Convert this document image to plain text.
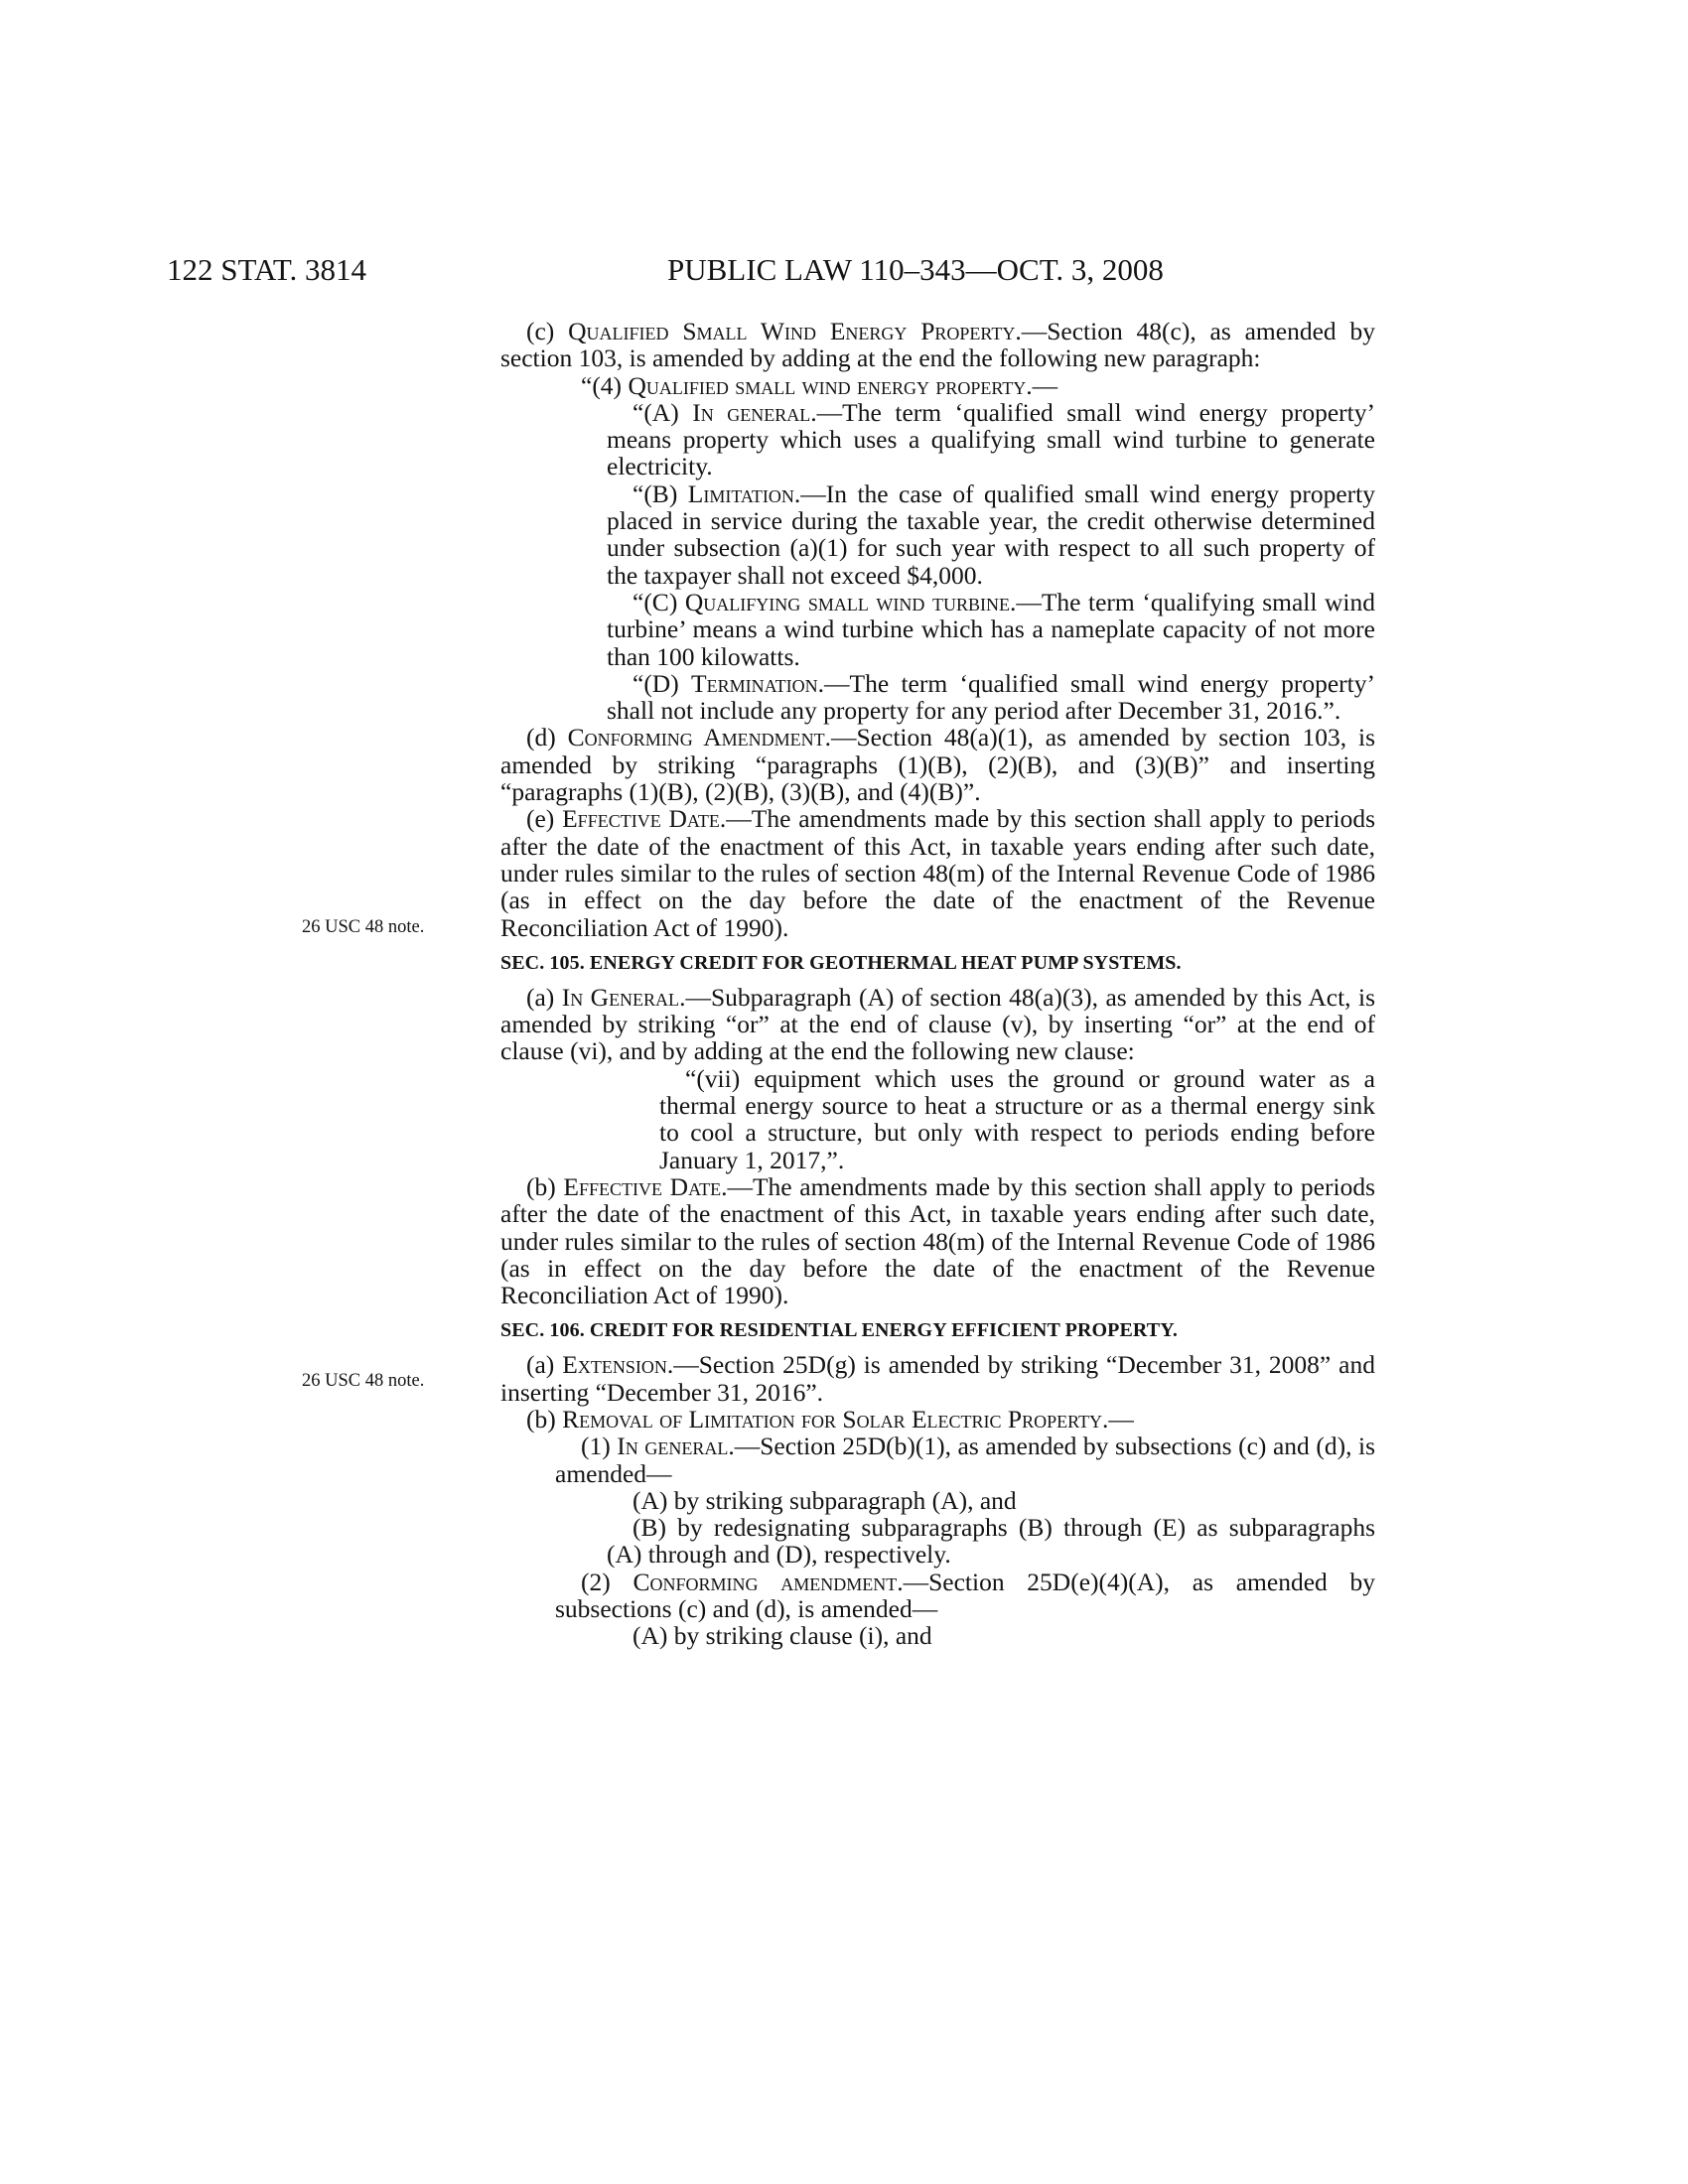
122 STAT. 3814	PUBLIC LAW 110–343—OCT. 3, 2008
26 USC 48 note.
26 USC 48 note.

(c) Qualified Small Wind Energy Property.—Section 48(c), as amended by section 103, is amended by adding at the end the following new paragraph:

“(4) Qualified small wind energy property.—

“(A) In general.—The term ‘qualified small wind energy property’ means property which uses a qualifying small wind turbine to generate electricity.

“(B) Limitation.—In the case of qualified small wind energy property placed in service during the taxable year, the credit otherwise determined under subsection (a)(1) for such year with respect to all such property of the taxpayer shall not exceed $4,000.

“(C) Qualifying small wind turbine.—The term ‘qualifying small wind turbine’ means a wind turbine which has a nameplate capacity of not more than 100 kilowatts.

“(D) Termination.—The term ‘qualified small wind energy property’ shall not include any property for any period after December 31, 2016.”.

(d) Conforming Amendment.—Section 48(a)(1), as amended by section 103, is amended by striking “paragraphs (1)(B), (2)(B), and (3)(B)” and inserting “paragraphs (1)(B), (2)(B), (3)(B), and (4)(B)”.

(e) Effective Date.—The amendments made by this section shall apply to periods after the date of the enactment of this Act, in taxable years ending after such date, under rules similar to the rules of section 48(m) of the Internal Revenue Code of 1986 (as in effect on the day before the date of the enactment of the Revenue Reconciliation Act of 1990).

SEC. 105. ENERGY CREDIT FOR GEOTHERMAL HEAT PUMP SYSTEMS.

(a) In General.—Subparagraph (A) of section 48(a)(3), as amended by this Act, is amended by striking “or” at the end of clause (v), by inserting “or” at the end of clause (vi), and by adding at the end the following new clause:

“(vii) equipment which uses the ground or ground water as a thermal energy source to heat a structure or as a thermal energy sink to cool a structure, but only with respect to periods ending before January 1, 2017,”.

(b) Effective Date.—The amendments made by this section shall apply to periods after the date of the enactment of this Act, in taxable years ending after such date, under rules similar to the rules of section 48(m) of the Internal Revenue Code of 1986 (as in effect on the day before the date of the enactment of the Revenue Reconciliation Act of 1990).

SEC. 106. CREDIT FOR RESIDENTIAL ENERGY EFFICIENT PROPERTY.

(a) Extension.—Section 25D(g) is amended by striking “December 31, 2008” and inserting “December 31, 2016”.

(b) Removal of Limitation for Solar Electric Property.—

(1) In general.—Section 25D(b)(1), as amended by subsections (c) and (d), is amended—

(A) by striking subparagraph (A), and

(B) by redesignating subparagraphs (B) through (E) as subparagraphs (A) through and (D), respectively.

(2) Conforming amendment.—Section 25D(e)(4)(A), as amended by subsections (c) and (d), is amended—

(A) by striking clause (i), and
